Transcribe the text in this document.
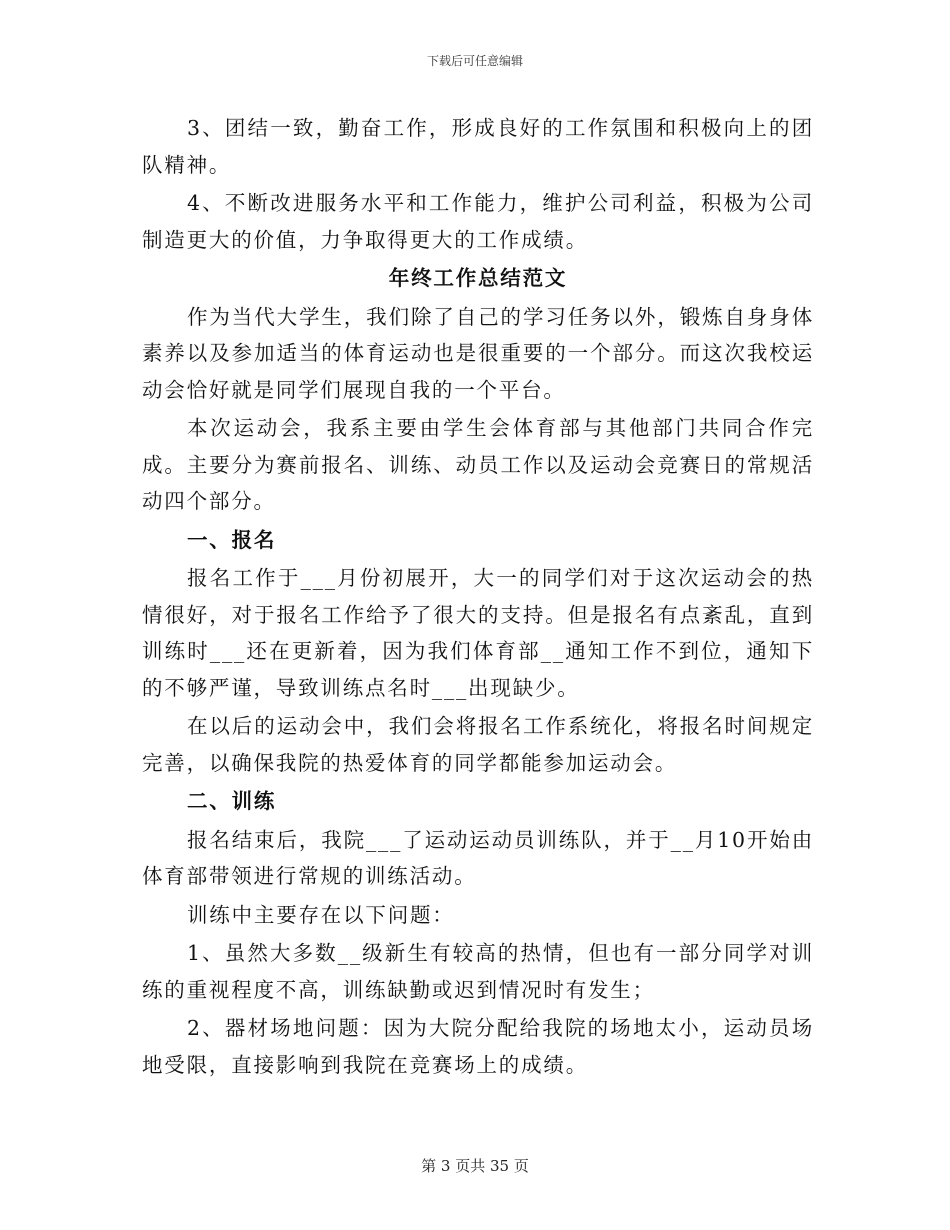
下载后可任意编辑

3、团结一致，勤奋工作，形成良好的工作氛围和积极向上的团队精神。

4、不断改进服务水平和工作能力，维护公司利益，积极为公司制造更大的价值，力争取得更大的工作成绩。

年终工作总结范文

作为当代大学生，我们除了自己的学习任务以外，锻炼自身身体素养以及参加适当的体育运动也是很重要的一个部分。而这次我校运动会恰好就是同学们展现自我的一个平台。

本次运动会，我系主要由学生会体育部与其他部门共同合作完成。主要分为赛前报名、训练、动员工作以及运动会竞赛日的常规活动四个部分。

一、报名

报名工作于___月份初展开，大一的同学们对于这次运动会的热情很好，对于报名工作给予了很大的支持。但是报名有点紊乱，直到训练时___还在更新着，因为我们体育部__通知工作不到位，通知下的不够严谨，导致训练点名时___出现缺少。

在以后的运动会中，我们会将报名工作系统化，将报名时间规定完善，以确保我院的热爱体育的同学都能参加运动会。

二、训练

报名结束后，我院___了运动运动员训练队，并于__月10开始由体育部带领进行常规的训练活动。

训练中主要存在以下问题：

1、虽然大多数__级新生有较高的热情，但也有一部分同学对训练的重视程度不高，训练缺勤或迟到情况时有发生；

2、器材场地问题：因为大院分配给我院的场地太小，运动员场地受限，直接影响到我院在竞赛场上的成绩。

第 3 页共 35 页
